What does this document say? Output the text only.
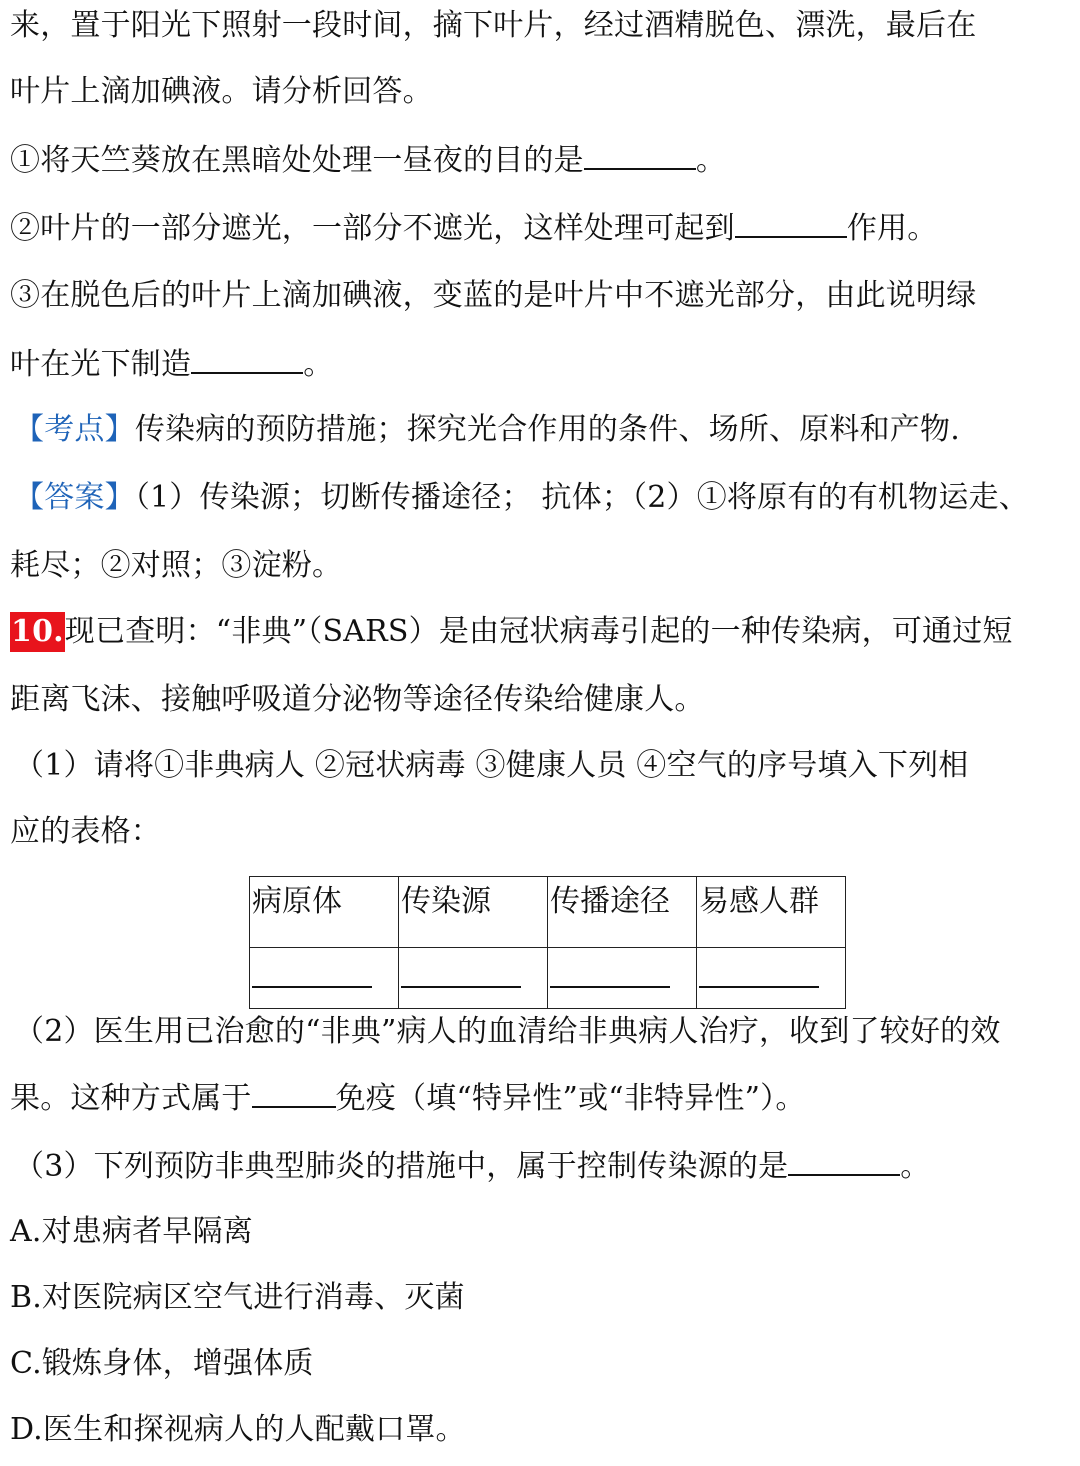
来，置于阳光下照射一段时间，摘下叶片，经过酒精脱色、漂洗，最后在
叶片上滴加碘液。请分析回答。
①将天竺葵放在黑暗处处理一昼夜的目的是	。
②叶片的一部分遮光，一部分不遮光，这样处理可起到	作用。
③在脱色后的叶片上滴加碘液，变蓝的是叶片中不遮光部分，由此说明绿
叶在光下制造	。
【考点】传染病的预防措施；探究光合作用的条件、场所、原料和产物.
【答案】（1）传染源；切断传播途径； 抗体；（2）①将原有的有机物运走、
耗尽；②对照；③淀粉。
10.现已查明：“非典”（SARS）是由冠状病毒引起的一种传染病，可通过短
距离飞沫、接触呼吸道分泌物等途径传染给健康人。
（1）请将①非典病人 ②冠状病毒 ③健康人员 ④空气的序号填入下列相
应的表格：
病原体	传染源	传播途径	易感人群

（2）医生用已治愈的“非典”病人的血清给非典病人治疗，收到了较好的效
果。这种方式属于	免疫（填“特异性”或“非特异性”）。
（3）下列预防非典型肺炎的措施中，属于控制传染源的是	。
A.对患病者早隔离
B.对医院病区空气进行消毒、灭菌
C.锻炼身体，增强体质
D.医生和探视病人的人配戴口罩。
